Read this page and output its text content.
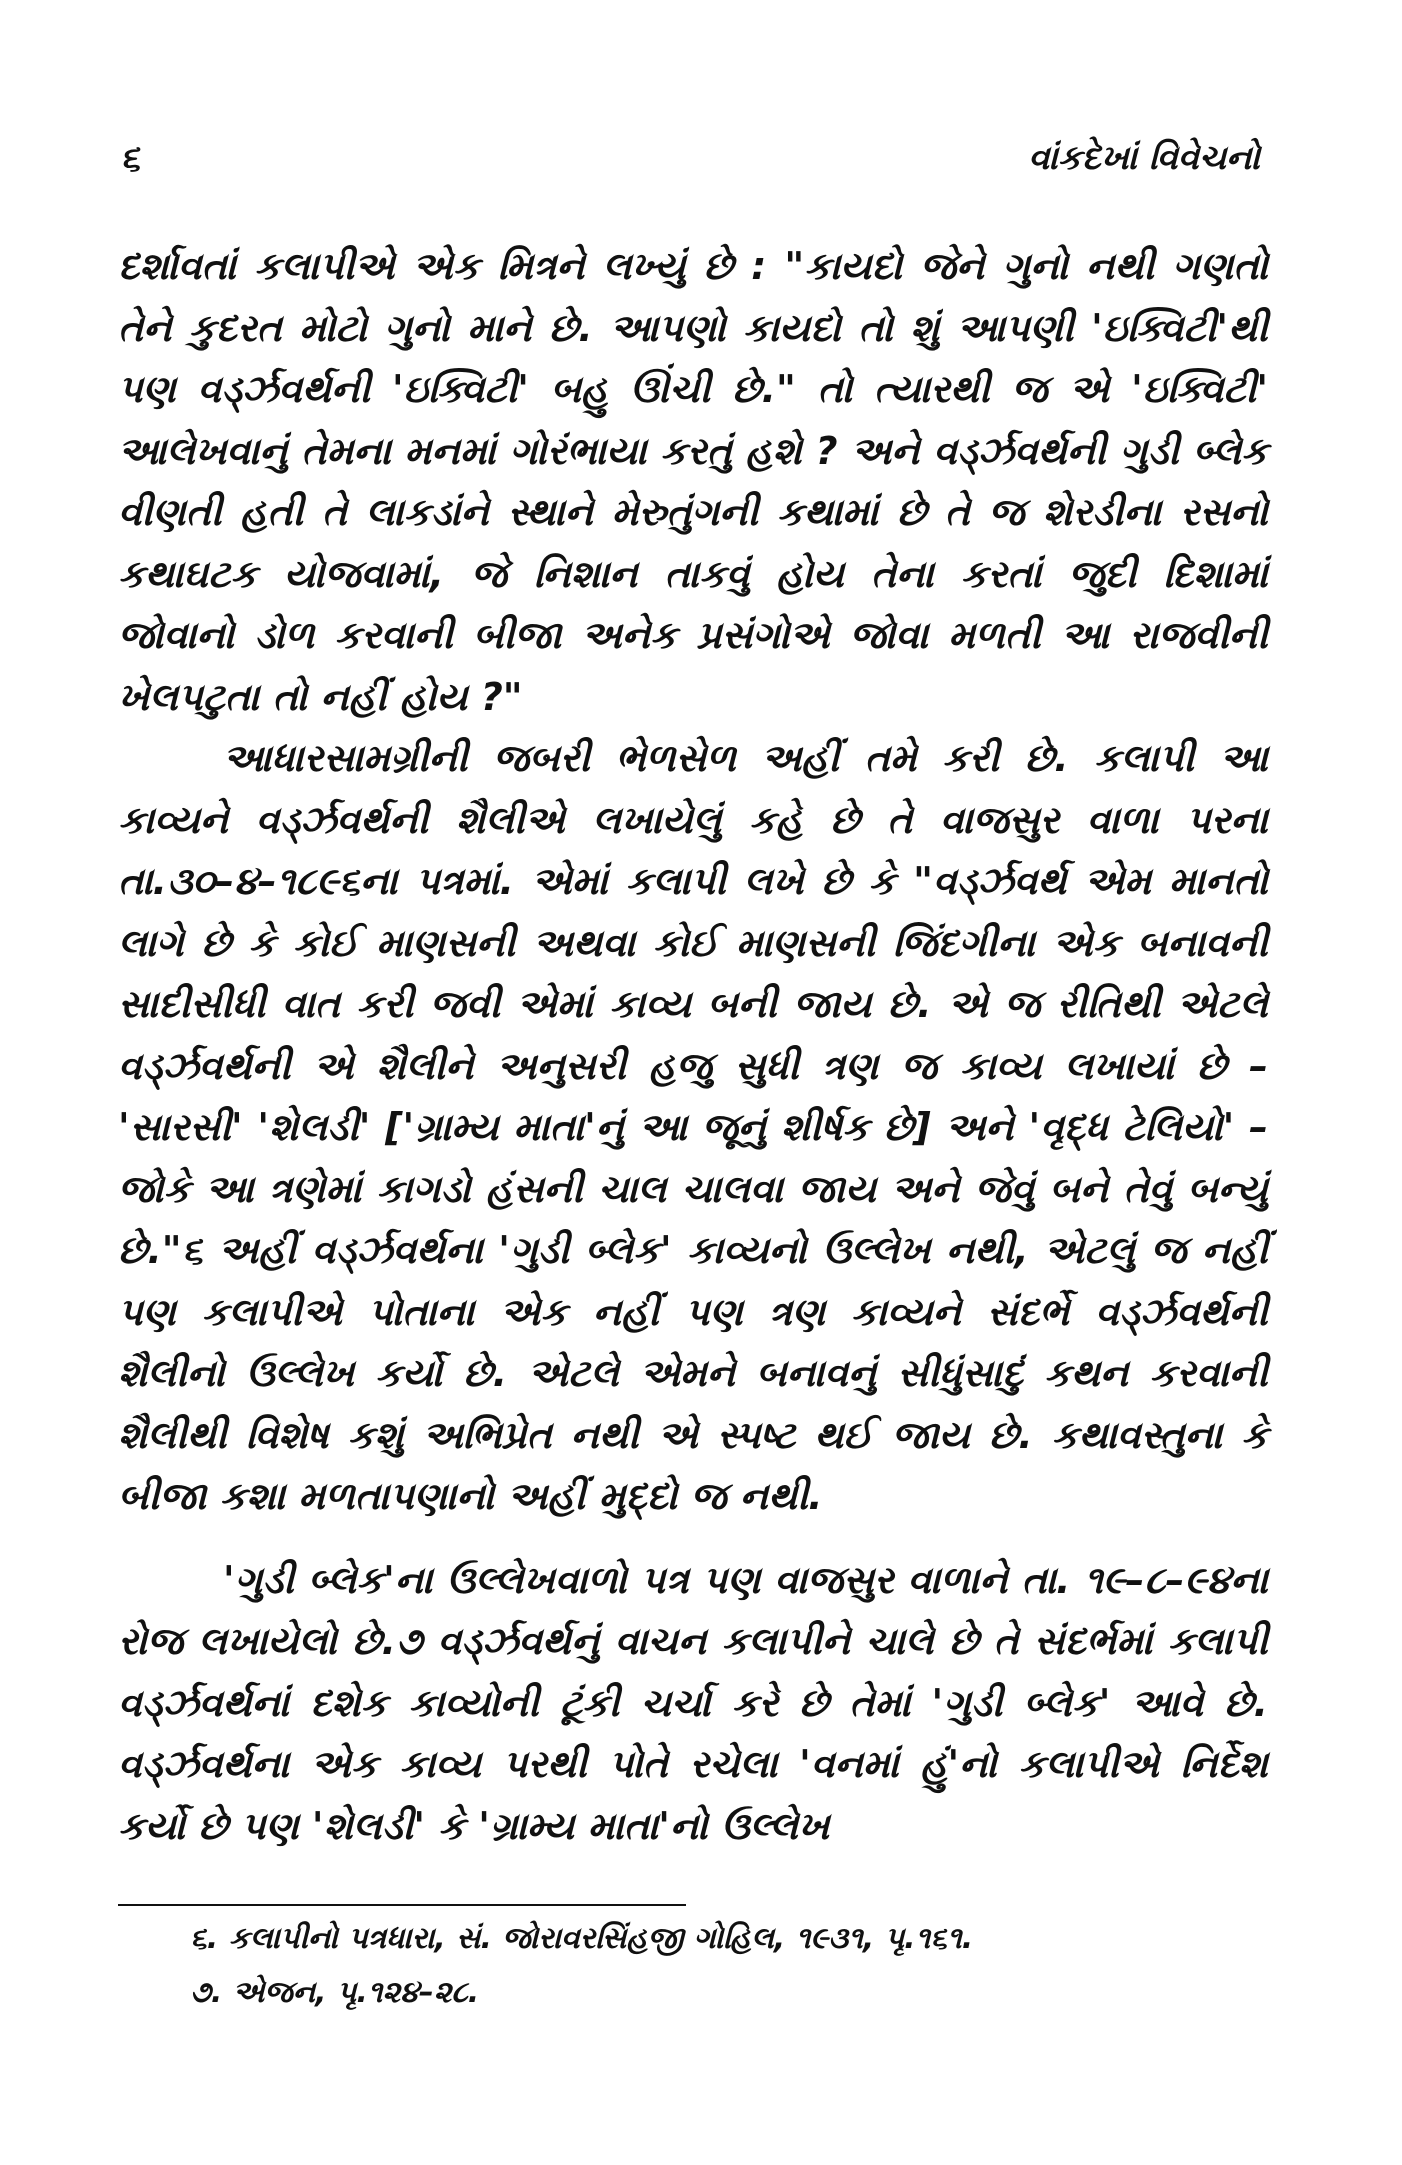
૬	વાંકદેખાં વિવેચનો

દર્શાવતાં કલાપીએ એક મિત્રને લખ્યું છે : "કાયદો જેને ગુનો નથી ગણતો તેને કુદરત મોટો ગુનો માને છે. આપણો કાયદો તો શું આપણી 'ઇક્વિટી'થી પણ વર્ડ્ઝવર્થની 'ઇક્વિટી' બહુ ઊંચી છે." તો ત્યારથી જ એ 'ઇક્વિટી' આલેખવાનું તેમના મનમાં ગોરંભાયા કરતું હશે ? અને વર્ડ્ઝવર્થની ગુડી બ્લેક વીણતી હતી તે લાકડાંને સ્થાને મેરુતુંગની કથામાં છે તે જ શેરડીના રસનો કથાઘટક યોજવામાં, જે નિશાન તાકવું હોય તેના કરતાં જુદી દિશામાં જોવાનો ડોળ કરવાની બીજા અનેક પ્રસંગોએ જોવા મળતી આ રાજવીની ખેલપટુતા તો નહીં હોય ?"

આધારસામગ્રીની જબરી ભેળસેળ અહીં તમે કરી છે. કલાપી આ કાવ્યને વર્ડ્ઝવર્થની શૈલીએ લખાયેલું કહે છે તે વાજસુર વાળા પરના તા.૩૦–૪–૧૮૯૬ના પત્રમાં. એમાં કલાપી લખે છે કે "વર્ડ્ઝવર્થ એમ માનતો લાગે છે કે કોઈ માણસની અથવા કોઈ માણસની જિંદગીના એક બનાવની સાદીસીધી વાત કરી જવી એમાં કાવ્ય બની જાય છે. એ જ રીતિથી એટલે વર્ડ્ઝવર્થની એ શૈલીને અનુસરી હજુ સુધી ત્રણ જ કાવ્ય લખાયાં છે – 'સારસી' 'શેલડી' ['ગ્રામ્ય માતા'નું આ જૂનું શીર્ષક છે] અને 'વૃદ્ધ ટેલિયો' – જોકે આ ત્રણેમાં કાગડો હંસની ચાલ ચાલવા જાય અને જેવું બને તેવું બન્યું છે."૬ અહીં વર્ડ્ઝવર્થના 'ગુડી બ્લેક' કાવ્યનો ઉલ્લેખ નથી, એટલું જ નહીં પણ કલાપીએ પોતાના એક નહીં પણ ત્રણ કાવ્યને સંદર્ભે વર્ડ્ઝવર્થની શૈલીનો ઉલ્લેખ કર્યો છે. એટલે એમને બનાવનું સીધુંસાદું કથન કરવાની શૈલીથી વિશેષ કશું અભિપ્રેત નથી એ સ્પષ્ટ થઈ જાય છે. કથાવસ્તુના કે બીજા કશા મળતાપણાનો અહીં મુદ્દો જ નથી.

'ગુડી બ્લેક'ના ઉલ્લેખવાળો પત્ર પણ વાજસુર વાળાને તા. ૧૯–૮–૯૪ના રોજ લખાયેલો છે.૭ વર્ડ્ઝવર્થનું વાચન કલાપીને ચાલે છે તે સંદર્ભમાં કલાપી વર્ડ્ઝવર્થનાં દશેક કાવ્યોની ટૂંકી ચર્ચા કરે છે તેમાં 'ગુડી બ્લેક' આવે છે. વર્ડ્ઝવર્થના એક કાવ્ય પરથી પોતે રચેલા 'વનમાં હું'નો કલાપીએ નિર્દેશ કર્યો છે પણ 'શેલડી' કે 'ગ્રામ્ય માતા'નો ઉલ્લેખ

૬. કલાપીનો પત્રધારા, સં. જોરાવરસિંહજી ગોહિલ, ૧૯૩૧, પૃ.૧૬૧.

૭. એજન, પૃ.૧૨૪–૨૮.
